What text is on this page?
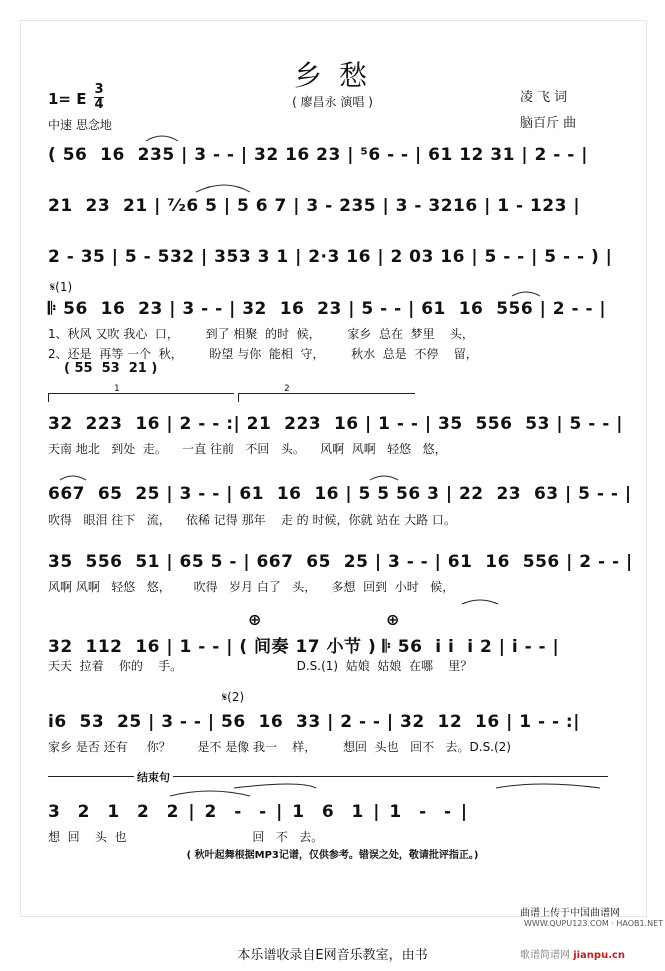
乡 愁
( 廖昌永 演唱 )
1= E
3
4
中速 思念地
凌 飞 词
脑百斤 曲
( 56  16  235 | 3 - - | 32 16 23 | ⁵6 - - | 61 12 31 | 2 - - |
21  23  21 | ⁷⁄₂6 5 | 5 6 7 | 3 - 235 | 3 - 3216 | 1 - 123 |
2 - 35 | 5 - 532 | 353 3 1 | 2·3 16 | 2 03 16 | 5 - - | 5 - - ) |
𝄋(1)
𝄆 56  16  23 | 3 - - | 32  16  23 | 5 - - | 61  16  556 | 2 - - |
1、秋风 又吹 我心  口，       到了 相聚  的时  候，       家乡  总在  梦里    头，
2、还是  再等 一个  秋，       盼望 与你  能相  守，       秋水  总是  不停    留，
( 55  53  21 )
1	2
32  223  16 | 2 - - :| 21  223  16 | 1 - - | 35  556  53 | 5 - - |
天南 地北   到处  走。    一直 往前   不回   头。    风啊  风啊   轻悠   悠，
667  65  25 | 3 - - | 61  16  16 | 5 5 56 3 | 22  23  63 | 5 - - |
吹得   眼泪 往下   流，    依稀 记得 那年    走 的 时候，你就 站在 大路 口。
35  556  51 | 65 5 - | 667  65  25 | 3 - - | 61  16  556 | 2 - - |
风啊 风啊   轻悠   悠，      吹得   岁月 白了   头，    多想  回到  小时   候，
⊕	⊕
32  112  16 | 1 - - | ( 间奏 17 小节 ) 𝄆 56  i i  i 2 | i - - |
天天  拉着    你的    手。                              D.S.(1)  姑娘  姑娘  在哪    里？
𝄋(2)
i6  53  25 | 3 - - | 56  16  33 | 2 - - | 32  12  16 | 1 - - :|
家乡 是否 还有     你？       是不 是像 我一    样，       想回  头也   回不   去。D.S.(2)
结束句
3  2  1  2  2 | 2  -  - | 1  6  1 | 1  -  - |
想  回    头  也                                 回   不   去。
( 秋叶起舞根据MP3记谱，仅供参考。错误之处，敬请批评指正。)
曲谱上传于中国曲谱网
WWW.QUPU123.COM · HAOB1.NET
本乐谱收录自E网音乐教室，由书	歌谱简谱网 jianpu.cn
